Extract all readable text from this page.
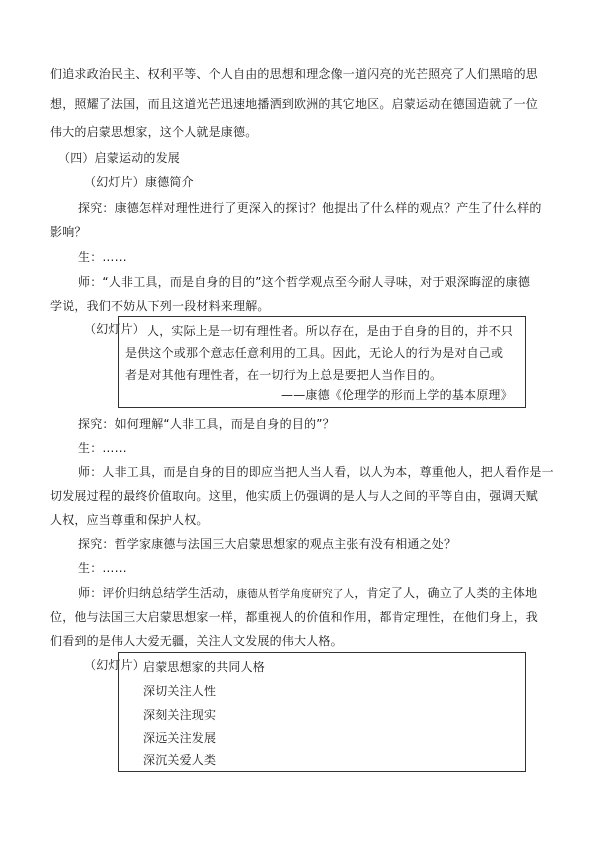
们追求政治民主、权利平等、个人自由的思想和理念像一道闪亮的光芒照亮了人们黑暗的思
想，照耀了法国，而且这道光芒迅速地播洒到欧洲的其它地区。启蒙运动在德国造就了一位
伟大的启蒙思想家，这个人就是康德。
（四）启蒙运动的发展
（幻灯片）康德简介
探究：康德怎样对理性进行了更深入的探讨？他提出了什么样的观点？产生了什么样的
影响？
生：……
师：“人非工具，而是自身的目的”这个哲学观点至今耐人寻味，对于艰深晦涩的康德
学说，我们不妨从下列一段材料来理解。
（幻灯片） 人，实际上是一切有理性者。所以存在，是由于自身的目的，并不只
是供这个或那个意志任意利用的工具。因此，无论人的行为是对自己或
者是对其他有理性者，在一切行为上总是要把人当作目的。
——康德《伦理学的形而上学的基本原理》
探究：如何理解“人非工具，而是自身的目的”？
生：……
师：人非工具，而是自身的目的即应当把人当人看，以人为本，尊重他人，把人看作是一
切发展过程的最终价值取向。这里，他实质上仍强调的是人与人之间的平等自由，强调天赋
人权，应当尊重和保护人权。
探究：哲学家康德与法国三大启蒙思想家的观点主张有没有相通之处？
生：……
师：评价归纳总结学生活动，康德从哲学角度研究了人，肯定了人，确立了人类的主体地
位，他与法国三大启蒙思想家一样，都重视人的价值和作用，都肯定理性，在他们身上，我
们看到的是伟人大爱无疆，关注人文发展的伟大人格。
（幻灯片）
启蒙思想家的共同人格
深切关注人性
深刻关注现实
深远关注发展
深沉关爱人类
